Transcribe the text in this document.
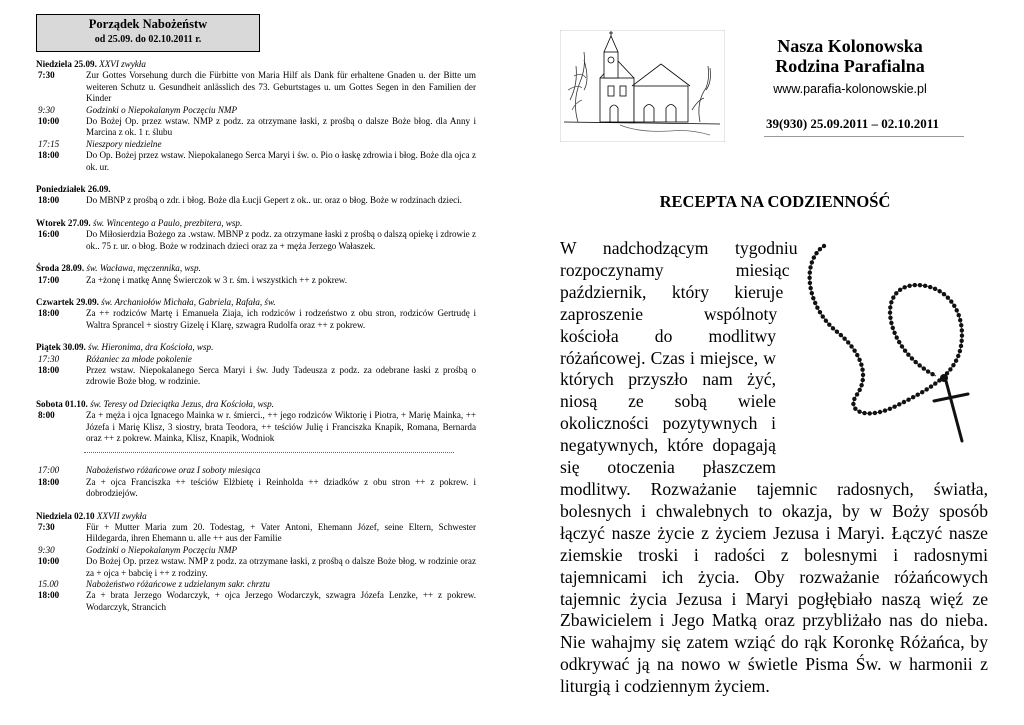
Porządek Nabożeństw
od 25.09. do 02.10.2011 r.
Niedziela 25.09. XXVI zwykła
7:30	Zur Gottes Vorsehung durch die Fürbitte von Maria Hilf als Dank für erhaltene Gnaden u. der Bitte um weiteren Schutz u. Gesundheit anlässlich des 73. Geburtstages u. um Gottes Segen in den Familien der Kinder
9:30	Godzinki o Niepokalanym Poczęciu NMP
10:00	Do Bożej Op. przez wstaw. NMP z podz. za otrzymane łaski, z prośbą o dalsze Boże błog. dla Anny i Marcina z ok. 1 r. ślubu
17:15	Nieszpory niedzielne
18:00	Do Op. Bożej przez wstaw. Niepokalanego Serca Maryi i św. o. Pio o łaskę zdrowia i błog. Boże dla ojca z ok. ur.
Poniedziałek 26.09.
18:00	Do MBNP z prośbą o zdr. i błog. Boże dla Łucji Gepert z ok.. ur. oraz o błog. Boże w rodzinach dzieci.
Wtorek 27.09. św. Wincentego a Paulo, prezbitera, wsp.
16:00	Do Miłosierdzia Bożego za .wstaw. MBNP z podz. za otrzymane łaski z prośbą o dalszą opiekę i zdrowie z ok.. 75 r. ur. o błog. Boże w rodzinach dzieci oraz za + męża Jerzego Wałaszek.
Środa 28.09. św. Wacława, męczennika, wsp.
17:00	Za +żonę i matkę Annę Świerczok w 3 r. śm. i wszystkich ++ z pokrew.
Czwartek 29.09. św. Archaniołów Michała, Gabriela, Rafała, św.
18:00	Za ++ rodziców Martę i Emanuela Ziaja, ich rodziców i rodzeństwo z obu stron, rodziców Gertrudę i Waltra Sprancel + siostry Gizelę i Klarę, szwagra Rudolfa oraz ++ z pokrew.
Piątek 30.09. św. Hieronima, dra Kościoła, wsp.
17:30	Różaniec za młode pokolenie
18:00	Przez wstaw. Niepokalanego Serca Maryi i św. Judy Tadeusza z podz. za odebrane łaski z prośbą o zdrowie Boże błog. w rodzinie.
Sobota 01.10. św. Teresy od Dzieciątka Jezus, dra Kościoła, wsp.
8:00	Za + męża i ojca Ignacego Mainka w r. śmierci., ++ jego rodziców Wiktorię i Piotra, + Marię Mainka, ++ Józefa i Marię Klisz, 3 siostry, brata Teodora, ++ teściów Julię i Franciszka Knapik, Romana, Bernarda oraz ++ z pokrew. Mainka, Klisz, Knapik, Wodniok
17:00	Nabożeństwo różańcowe oraz I soboty miesiąca
18:00	Za + ojca Franciszka ++ teściów Elżbietę i Reinholda ++ dziadków z obu stron ++ z pokrew. i dobrodziejów.
Niedziela 02.10 XXVII zwykła
7:30	Für + Mutter Maria zum 20. Todestag, + Vater Antoni, Ehemann Józef, seine Eltern, Schwester Hildegarda, ihren Ehemann u. alle ++ aus der Familie
9:30	Godzinki o Niepokalanym Poczęciu NMP
10:00	Do Bożej Op. przez wstaw. NMP z podz. za otrzymane łaski, z prośbą o dalsze Boże błog. w rodzinie oraz za + ojca + babcię i ++ z rodziny.
15.00	Nabożeństwo różańcowe z udzielanym sakr. chrztu
18:00	Za + brata Jerzego Wodarczyk, + ojca Jerzego Wodarczyk, szwagra Józefa Lenzke, ++ z pokrew. Wodarczyk, Strancich
Nasza Kolonowska
Rodzina Parafialna
www.parafia-kolonowskie.pl
39(930) 25.09.2011 – 02.10.2011
RECEPTA NA CODZIENNOŚĆ

W nadchodzącym tygodniu rozpoczynamy miesiąc październik, który kieruje zaproszenie wspólnoty kościoła do modlitwy różańcowej. Czas i miejsce, w których przyszło nam żyć, niosą ze sobą wiele okoliczności pozytywnych i negatywnych, które dopagają się otoczenia płaszczem modlitwy. Rozważanie tajemnic radosnych, światła, bolesnych i chwalebnych to okazja, by w Boży sposób łączyć nasze życie z życiem Jezusa i Maryi. Łączyć nasze ziemskie troski i radości z bolesnymi i radosnymi tajemnicami ich życia. Oby rozważanie różańcowych tajemnic życia Jezusa i Maryi pogłębiało naszą więź ze Zbawicielem i Jego Matką oraz przybliżało nas do nieba. Nie wahajmy się zatem wziąć do rąk Koronkę Różańca, by odkrywać ją na nowo w świetle Pisma Św. w harmonii z liturgią i codziennym życiem.
